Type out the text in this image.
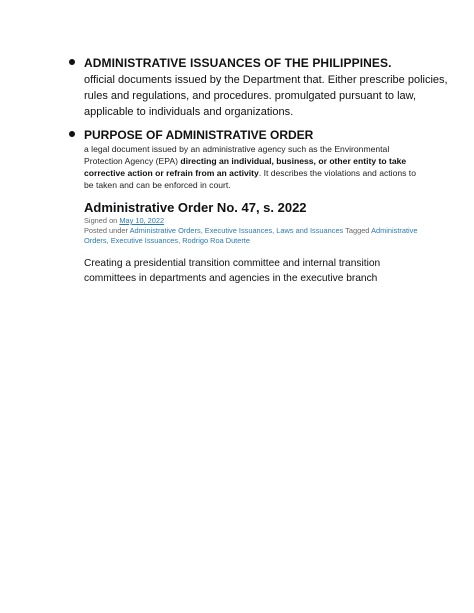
ADMINISTRATIVE ISSUANCES OF THE PHILIPPINES.
official documents issued by the Department that. Either prescribe policies, rules and regulations, and procedures. promulgated pursuant to law, applicable to individuals and organizations.
PURPOSE OF ADMINISTRATIVE ORDER
a legal document issued by an administrative agency such as the Environmental Protection Agency (EPA) directing an individual, business, or other entity to take corrective action or refrain from an activity. It describes the violations and actions to be taken and can be enforced in court.
Administrative Order No. 47, s. 2022
Signed on May 10, 2022
Posted under Administrative Orders, Executive Issuances, Laws and Issuances Tagged Administrative Orders, Executive Issuances, Rodrigo Roa Duterte
Creating a presidential transition committee and internal transition committees in departments and agencies in the executive branch
